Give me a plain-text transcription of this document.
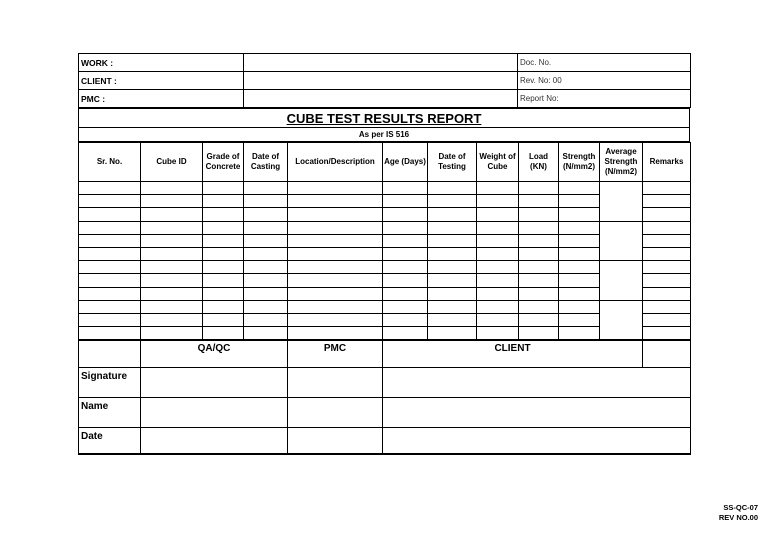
WORK :		Doc. No.
CLIENT :		Rev. No: 00
PMC :		Report No:
CUBE TEST RESULTS REPORT
As per IS 516
Sr. No.	Cube ID	Grade of Concrete	Date of Casting	Location/Description	Age (Days)	Date of Testing	Weight of Cube	Load (KN)	Strength (N/mm2)	Average Strength (N/mm2)	Remarks

	QA/QC	PMC	CLIENT	
Signature				
Name				
Date				
SS-QC-07
REV NO.00
